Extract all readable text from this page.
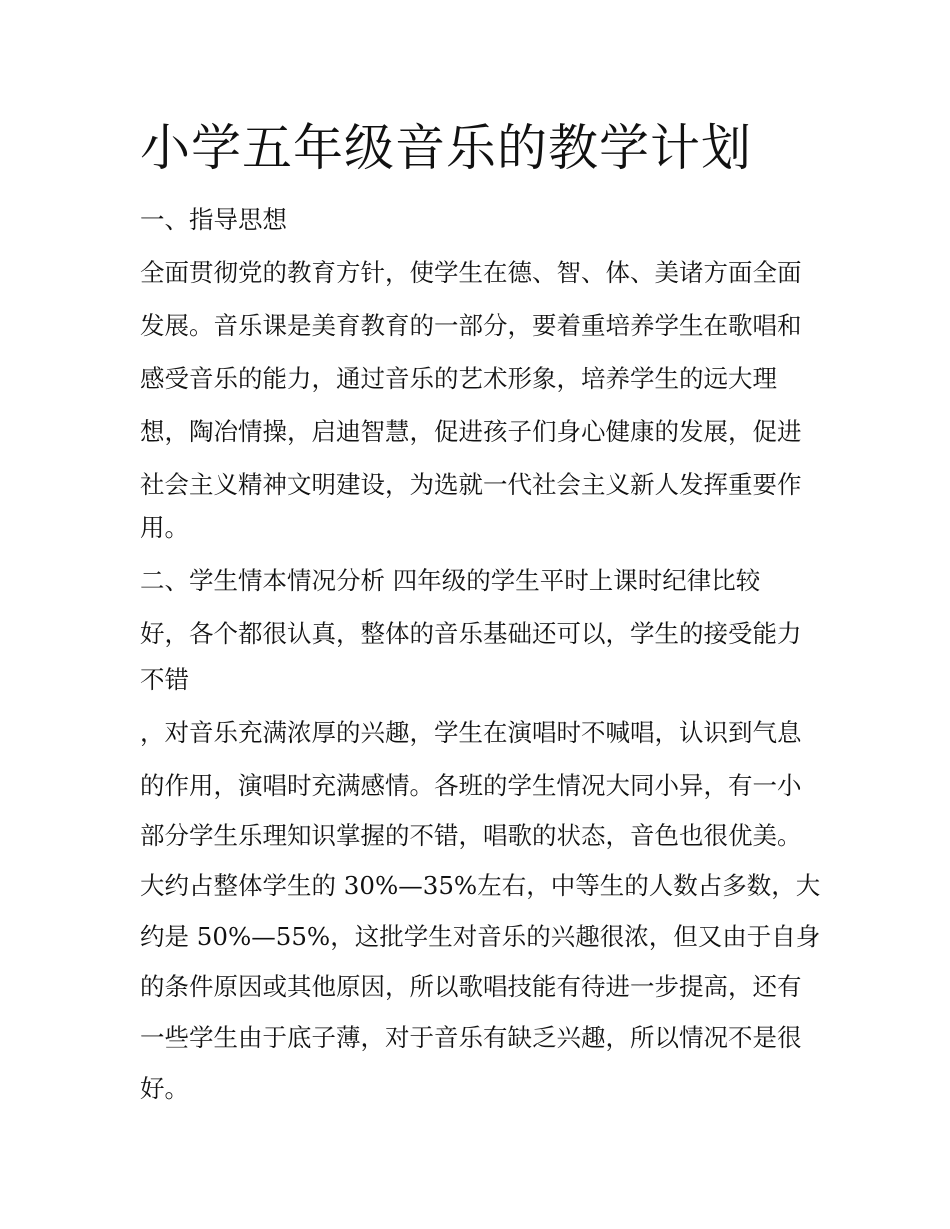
小学五年级音乐的教学计划
一、指导思想
全面贯彻党的教育方针，使学生在德、智、体、美诸方面全面
发展。音乐课是美育教育的一部分，要着重培养学生在歌唱和
感受音乐的能力，通过音乐的艺术形象，培养学生的远大理
想，陶冶情操，启迪智慧，促进孩子们身心健康的发展，促进
社会主义精神文明建设，为选就一代社会主义新人发挥重要作
用。
二、学生情本情况分析 四年级的学生平时上课时纪律比较
好，各个都很认真，整体的音乐基础还可以，学生的接受能力
不错
，对音乐充满浓厚的兴趣，学生在演唱时不喊唱，认识到气息
的作用，演唱时充满感情。各班的学生情况大同小异，有一小
部分学生乐理知识掌握的不错，唱歌的状态，音色也很优美。
大约占整体学生的 30%—35%左右，中等生的人数占多数，大
约是 50%—55%，这批学生对音乐的兴趣很浓，但又由于自身
的条件原因或其他原因，所以歌唱技能有待进一步提高，还有
一些学生由于底子薄，对于音乐有缺乏兴趣，所以情况不是很
好。
